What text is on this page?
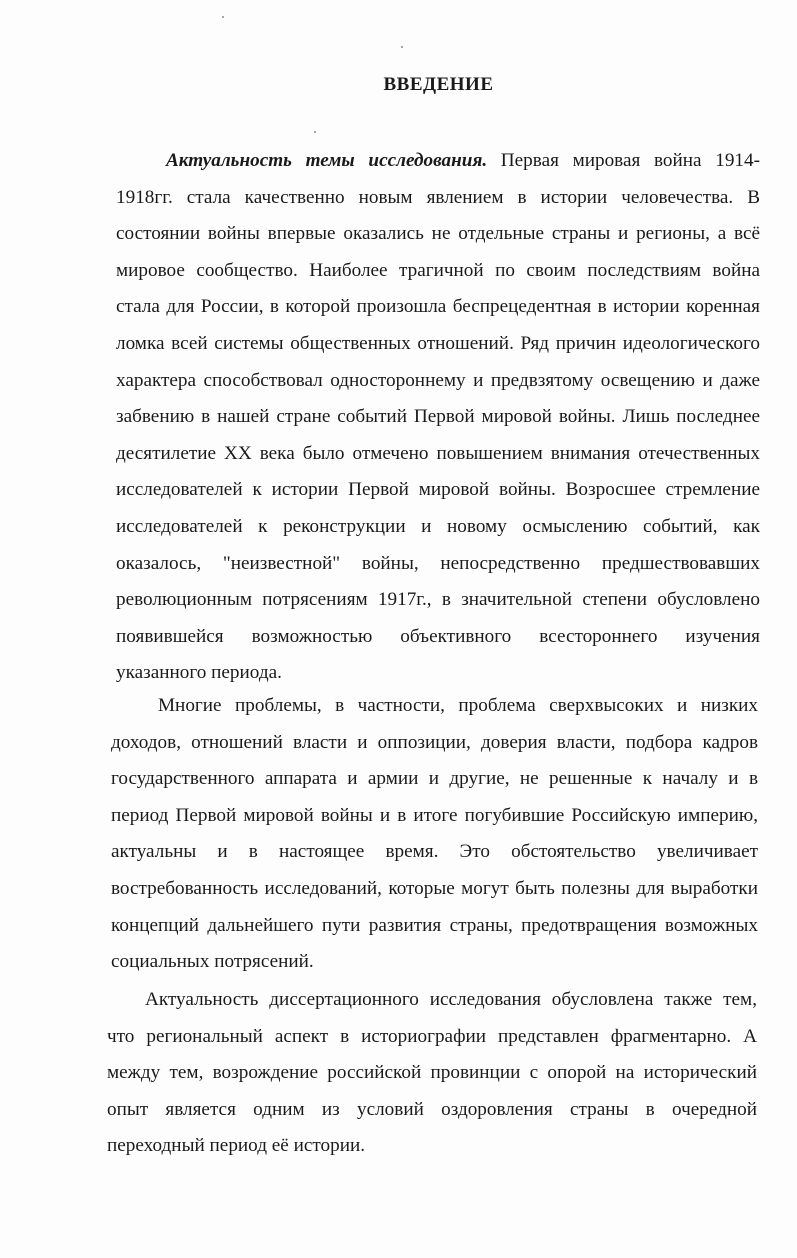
ВВЕДЕНИЕ

Актуальность темы исследования. Первая мировая война 1914-1918гг. стала качественно новым явлением в истории человечества. В состоянии войны впервые оказались не отдельные страны и регионы, а всё мировое сообщество. Наиболее трагичной по своим последствиям война стала для России, в которой произошла беспрецедентная в истории коренная ломка всей системы общественных отношений. Ряд причин идеологического характера способствовал одностороннему и предвзятому освещению и даже забвению в нашей стране событий Первой мировой войны. Лишь последнее десятилетие XX века было отмечено повышением внимания отечественных исследователей к истории Первой мировой войны. Возросшее стремление исследователей к реконструкции и новому осмыслению событий, как оказалось, "неизвестной" войны, непосредственно предшествовавших революционным потрясениям 1917г., в значительной степени обусловлено появившейся возможностью объективного всестороннего изучения указанного периода.

Многие проблемы, в частности, проблема сверхвысоких и низких доходов, отношений власти и оппозиции, доверия власти, подбора кадров государственного аппарата и армии и другие, не решенные к началу и в период Первой мировой войны и в итоге погубившие Российскую империю, актуальны и в настоящее время. Это обстоятельство увеличивает востребованность исследований, которые могут быть полезны для выработки концепций дальнейшего пути развития страны, предотвращения возможных социальных потрясений.

Актуальность диссертационного исследования обусловлена также тем, что региональный аспект в историографии представлен фрагментарно. А между тем, возрождение российской провинции с опорой на исторический опыт является одним из условий оздоровления страны в очередной переходный период её истории.
